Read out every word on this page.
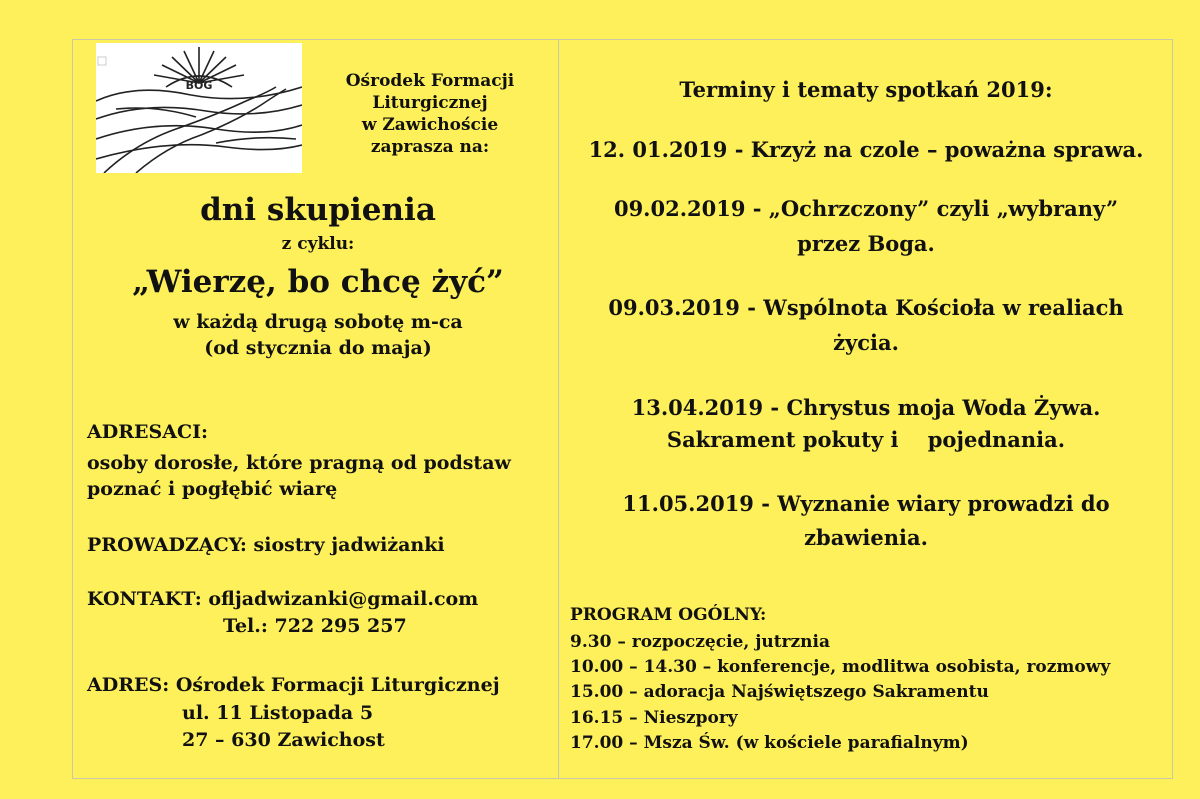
BÓG	Ośrodek Formacji
Liturgicznej
w Zawichoście
zaprasza na:
dni skupienia
z cyklu:
„Wierzę, bo chcę żyć”
w każdą drugą sobotę m-ca
(od stycznia do maja)
ADRESACI:
osoby dorosłe, które pragną od podstaw
poznać i pogłębić wiarę
PROWADZĄCY: siostry jadwiżanki
KONTAKT: ofljadwizanki@gmail.com
Tel.: 722 295 257
ADRES: Ośrodek Formacji Liturgicznej
ul. 11 Listopada 5
27 – 630 Zawichost
Terminy i tematy spotkań 2019:
12. 01.2019 - Krzyż na czole – poważna sprawa.
09.02.2019 - „Ochrzczony” czyli „wybrany”
przez Boga.
09.03.2019 - Wspólnota Kościoła w realiach
życia.
13.04.2019 - Chrystus moja Woda Żywa.
Sakrament pokuty i    pojednania.
11.05.2019 - Wyznanie wiary prowadzi do
zbawienia.
PROGRAM OGÓLNY:
9.30 – rozpoczęcie, jutrznia
10.00 – 14.30 – konferencje, modlitwa osobista, rozmowy
15.00 – adoracja Najświętszego Sakramentu
16.15 – Nieszpory
17.00 – Msza Św. (w kościele parafialnym)
